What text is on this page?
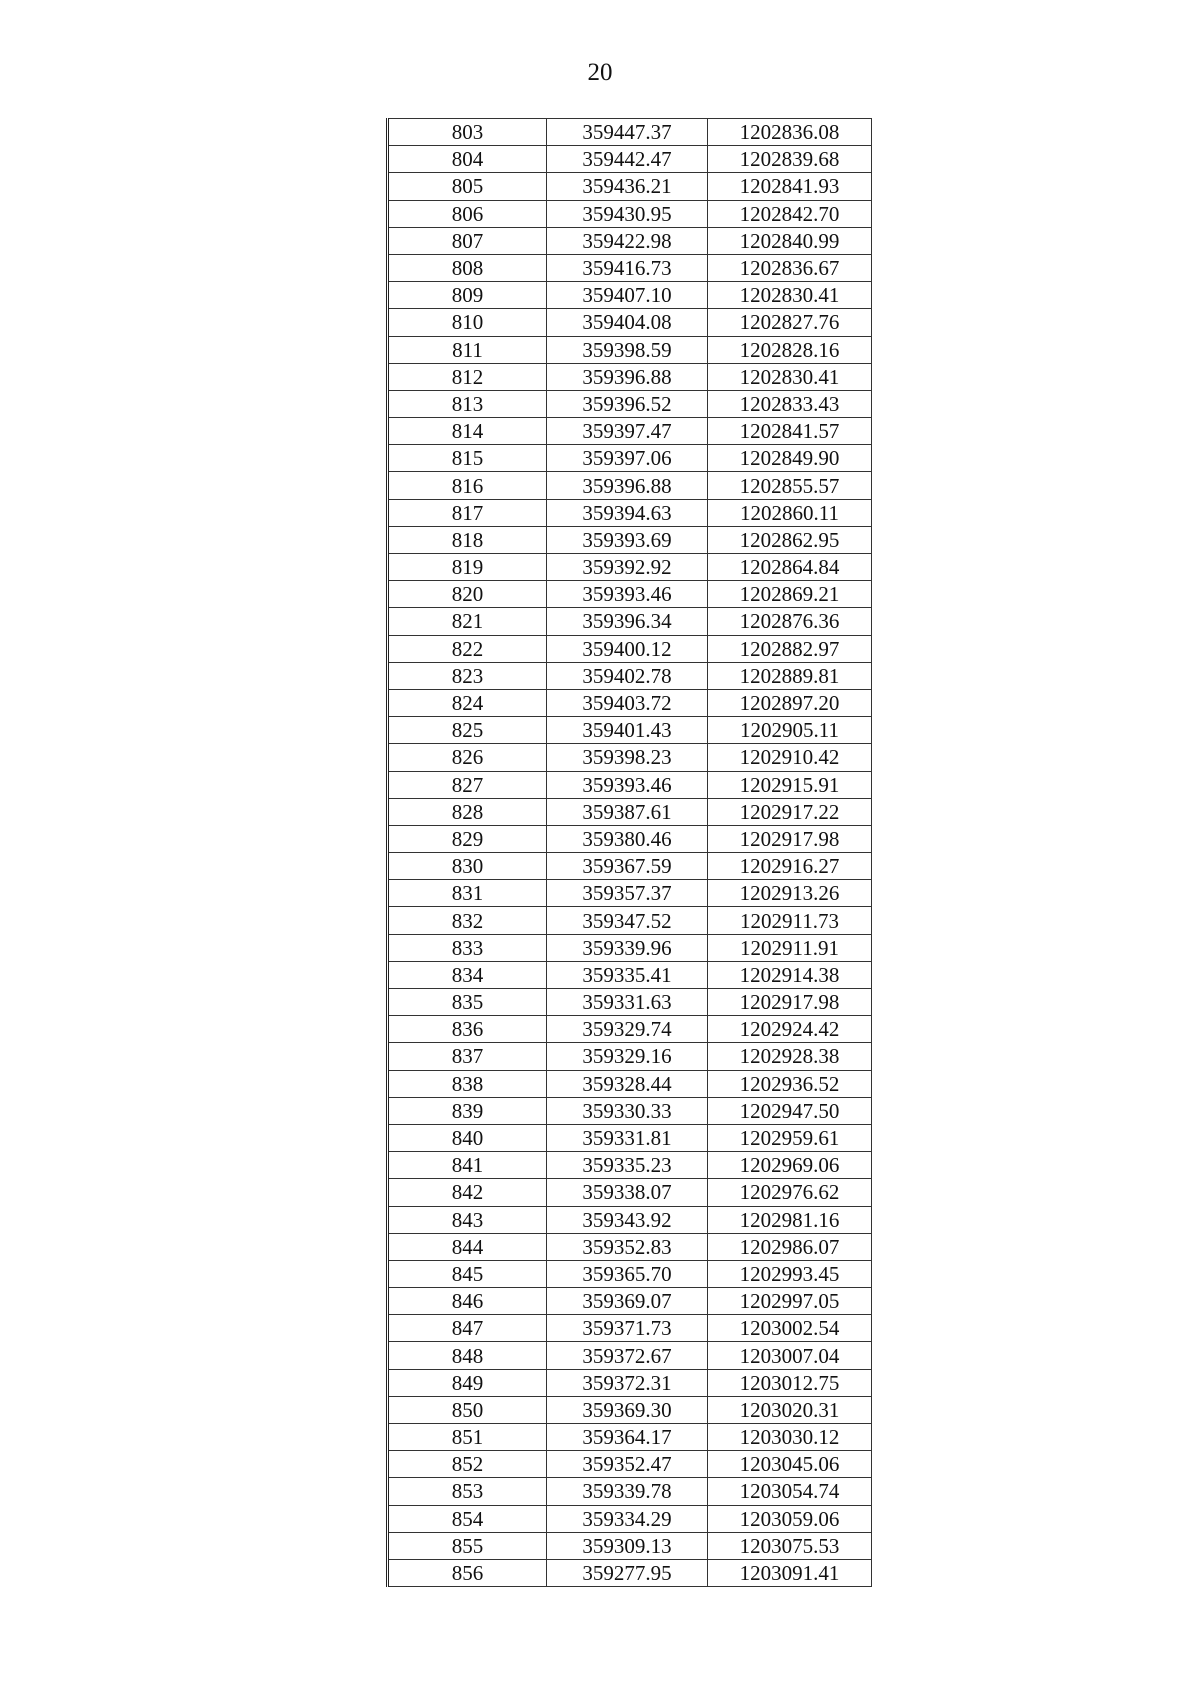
20
803	359447.37	1202836.08
804	359442.47	1202839.68
805	359436.21	1202841.93
806	359430.95	1202842.70
807	359422.98	1202840.99
808	359416.73	1202836.67
809	359407.10	1202830.41
810	359404.08	1202827.76
811	359398.59	1202828.16
812	359396.88	1202830.41
813	359396.52	1202833.43
814	359397.47	1202841.57
815	359397.06	1202849.90
816	359396.88	1202855.57
817	359394.63	1202860.11
818	359393.69	1202862.95
819	359392.92	1202864.84
820	359393.46	1202869.21
821	359396.34	1202876.36
822	359400.12	1202882.97
823	359402.78	1202889.81
824	359403.72	1202897.20
825	359401.43	1202905.11
826	359398.23	1202910.42
827	359393.46	1202915.91
828	359387.61	1202917.22
829	359380.46	1202917.98
830	359367.59	1202916.27
831	359357.37	1202913.26
832	359347.52	1202911.73
833	359339.96	1202911.91
834	359335.41	1202914.38
835	359331.63	1202917.98
836	359329.74	1202924.42
837	359329.16	1202928.38
838	359328.44	1202936.52
839	359330.33	1202947.50
840	359331.81	1202959.61
841	359335.23	1202969.06
842	359338.07	1202976.62
843	359343.92	1202981.16
844	359352.83	1202986.07
845	359365.70	1202993.45
846	359369.07	1202997.05
847	359371.73	1203002.54
848	359372.67	1203007.04
849	359372.31	1203012.75
850	359369.30	1203020.31
851	359364.17	1203030.12
852	359352.47	1203045.06
853	359339.78	1203054.74
854	359334.29	1203059.06
855	359309.13	1203075.53
856	359277.95	1203091.41
